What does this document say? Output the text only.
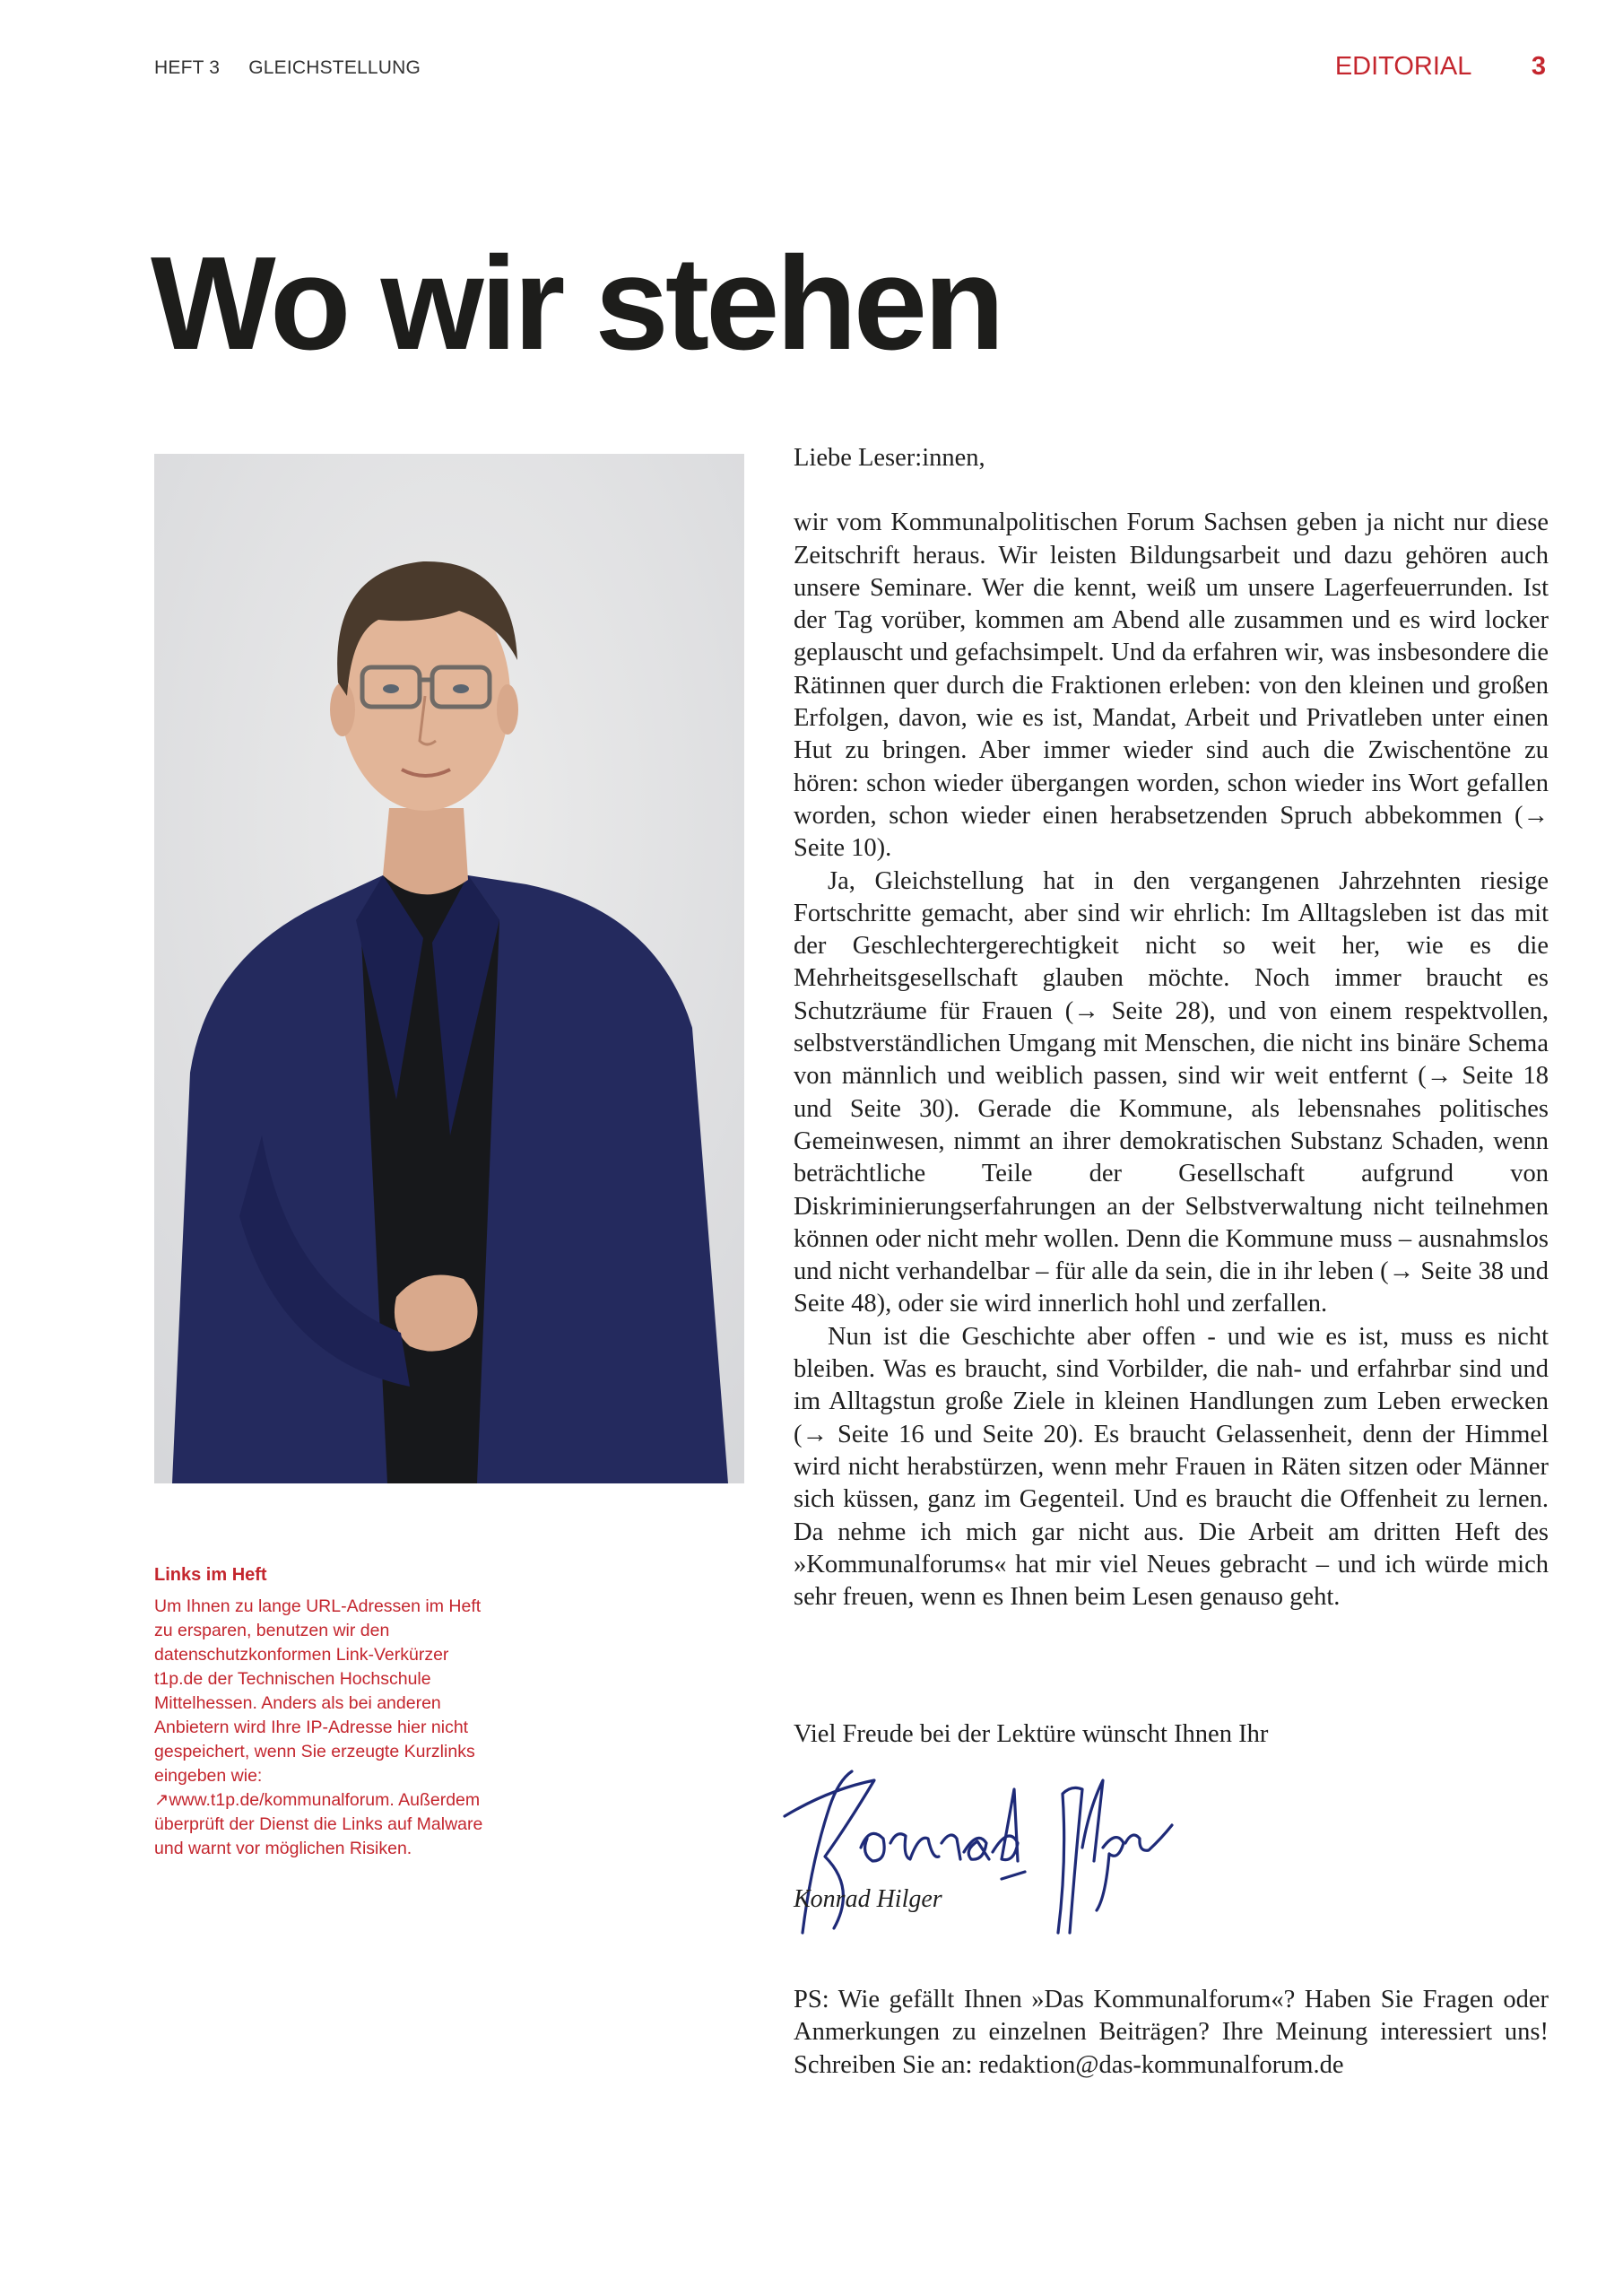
HEFT 3 GLEICHSTELLUNG	EDITORIAL 3
Wo wir stehen
Links im Heft
Um Ihnen zu lange URL-Adressen im Heft zu ersparen, benutzen wir den datenschutzkonformen Link-Verkürzer t1p.de der Technischen Hochschule Mittelhessen. Anders als bei anderen Anbietern wird Ihre IP-Adresse hier nicht gespeichert, wenn Sie erzeugte Kurzlinks eingeben wie: ↗www.t1p.de/kommunalforum. Außerdem überprüft der Dienst die Links auf Malware und warnt vor möglichen Risiken.

Liebe Leser:innen,

wir vom Kommunalpolitischen Forum Sachsen geben ja nicht nur diese Zeitschrift heraus. Wir leisten Bildungsarbeit und dazu gehören auch unsere Seminare. Wer die kennt, weiß um unsere Lagerfeuerrunden. Ist der Tag vorüber, kommen am Abend alle zusammen und es wird locker geplauscht und gefachsimpelt. Und da erfahren wir, was insbesondere die Rätinnen quer durch die Fraktionen erleben: von den kleinen und großen Erfolgen, davon, wie es ist, Mandat, Arbeit und Privatleben unter einen Hut zu bringen. Aber immer wieder sind auch die Zwischentöne zu hören: schon wieder übergangen worden, schon wieder ins Wort gefallen worden, schon wieder einen herabsetzenden Spruch abbekommen (→ Seite 10).

Ja, Gleichstellung hat in den vergangenen Jahrzehnten riesige Fortschritte gemacht, aber sind wir ehrlich: Im Alltagsleben ist das mit der Geschlechtergerechtigkeit nicht so weit her, wie es die Mehrheitsgesellschaft glauben möchte. Noch immer braucht es Schutzräume für Frauen (→ Seite 28), und von einem respektvollen, selbstverständlichen Umgang mit Menschen, die nicht ins binäre Schema von männlich und weiblich passen, sind wir weit entfernt (→ Seite 18 und Seite 30). Gerade die Kommune, als lebensnahes politisches Gemeinwesen, nimmt an ihrer demokratischen Substanz Schaden, wenn beträchtliche Teile der Gesellschaft aufgrund von Diskriminierungserfahrungen an der Selbstverwaltung nicht teilnehmen können oder nicht mehr wollen. Denn die Kommune muss – ausnahmslos und nicht verhandelbar – für alle da sein, die in ihr leben (→ Seite 38 und Seite 48), oder sie wird innerlich hohl und zerfallen.

Nun ist die Geschichte aber offen - und wie es ist, muss es nicht bleiben. Was es braucht, sind Vorbilder, die nah- und erfahrbar sind und im Alltagstun große Ziele in kleinen Handlungen zum Leben erwecken (→ Seite 16 und Seite 20). Es braucht Gelassenheit, denn der Himmel wird nicht herabstürzen, wenn mehr Frauen in Räten sitzen oder Männer sich küssen, ganz im Gegenteil. Und es braucht die Offenheit zu lernen. Da nehme ich mich gar nicht aus. Die Arbeit am dritten Heft des »Kommunalforums« hat mir viel Neues gebracht – und ich würde mich sehr freuen, wenn es Ihnen beim Lesen genauso geht.

Viel Freude bei der Lektüre wünscht Ihnen Ihr
Konrad Hilger
PS: Wie gefällt Ihnen »Das Kommunalforum«? Haben Sie Fragen oder Anmerkungen zu einzelnen Beiträgen? Ihre Meinung interessiert uns! Schreiben Sie an: redaktion@das-kommunalforum.de
